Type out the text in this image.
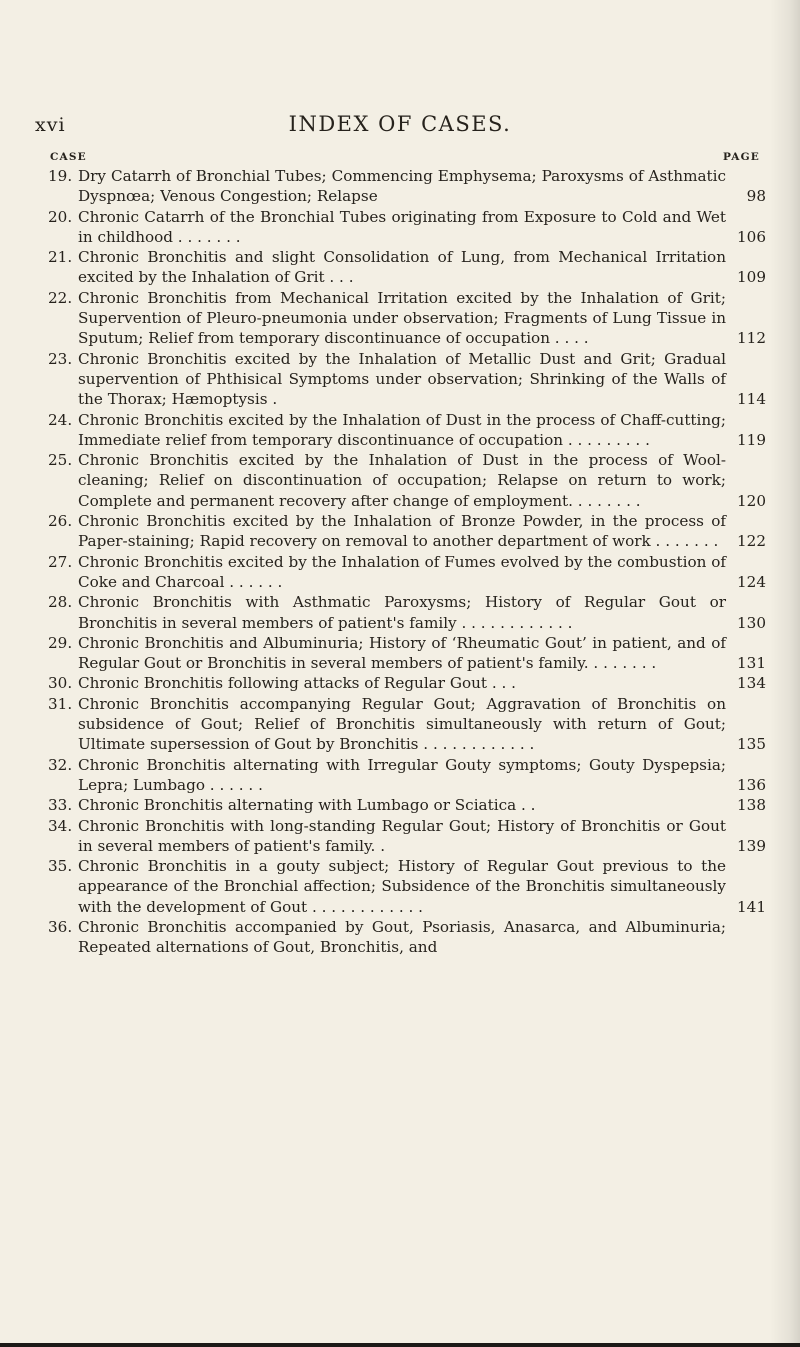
xvi	INDEX OF CASES.
CASE	PAGE
19. Dry Catarrh of Bronchial Tubes; Commencing Emphysema; Paroxysms of Asthmatic Dyspnœa; Venous Congestion; Relapse	98
20. Chronic Catarrh of the Bronchial Tubes originating from Exposure to Cold and Wet in childhood . . . . . . .	106
21. Chronic Bronchitis and slight Consolidation of Lung, from Mechanical Irritation excited by the Inhalation of Grit . . .	109
22. Chronic Bronchitis from Mechanical Irritation excited by the Inhalation of Grit; Supervention of Pleuro-pneumonia under observation; Fragments of Lung Tissue in Sputum; Relief from temporary discontinuance of occupation . . . .	112
23. Chronic Bronchitis excited by the Inhalation of Metallic Dust and Grit; Gradual supervention of Phthisical Symptoms under observation; Shrinking of the Walls of the Thorax; Hæmoptysis .	114
24. Chronic Bronchitis excited by the Inhalation of Dust in the process of Chaff-cutting; Immediate relief from temporary discontinuance of occupation . . . . . . . . .	119
25. Chronic Bronchitis excited by the Inhalation of Dust in the process of Wool-cleaning; Relief on discontinuation of occupation; Relapse on return to work; Complete and permanent recovery after change of employment. . . . . . . .	120
26. Chronic Bronchitis excited by the Inhalation of Bronze Powder, in the process of Paper-staining; Rapid recovery on removal to another department of work . . . . . . .	122
27. Chronic Bronchitis excited by the Inhalation of Fumes evolved by the combustion of Coke and Charcoal . . . . . .	124
28. Chronic Bronchitis with Asthmatic Paroxysms; History of Regular Gout or Bronchitis in several members of patient's family . . . . . . . . . . . .	130
29. Chronic Bronchitis and Albuminuria; History of ‘Rheumatic Gout’ in patient, and of Regular Gout or Bronchitis in several members of patient's family. . . . . . . .	131
30. Chronic Bronchitis following attacks of Regular Gout . . .	134
31. Chronic Bronchitis accompanying Regular Gout; Aggravation of Bronchitis on subsidence of Gout; Relief of Bronchitis simultaneously with return of Gout; Ultimate supersession of Gout by Bronchitis . . . . . . . . . . . .	135
32. Chronic Bronchitis alternating with Irregular Gouty symptoms; Gouty Dyspepsia; Lepra; Lumbago . . . . . .	136
33. Chronic Bronchitis alternating with Lumbago or Sciatica . .	138
34. Chronic Bronchitis with long-standing Regular Gout; History of Bronchitis or Gout in several members of patient's family. .	139
35. Chronic Bronchitis in a gouty subject; History of Regular Gout previous to the appearance of the Bronchial affection; Subsidence of the Bronchitis simultaneously with the development of Gout . . . . . . . . . . . .	141
36. Chronic Bronchitis accompanied by Gout, Psoriasis, Anasarca, and Albuminuria; Repeated alternations of Gout, Bronchitis, and
